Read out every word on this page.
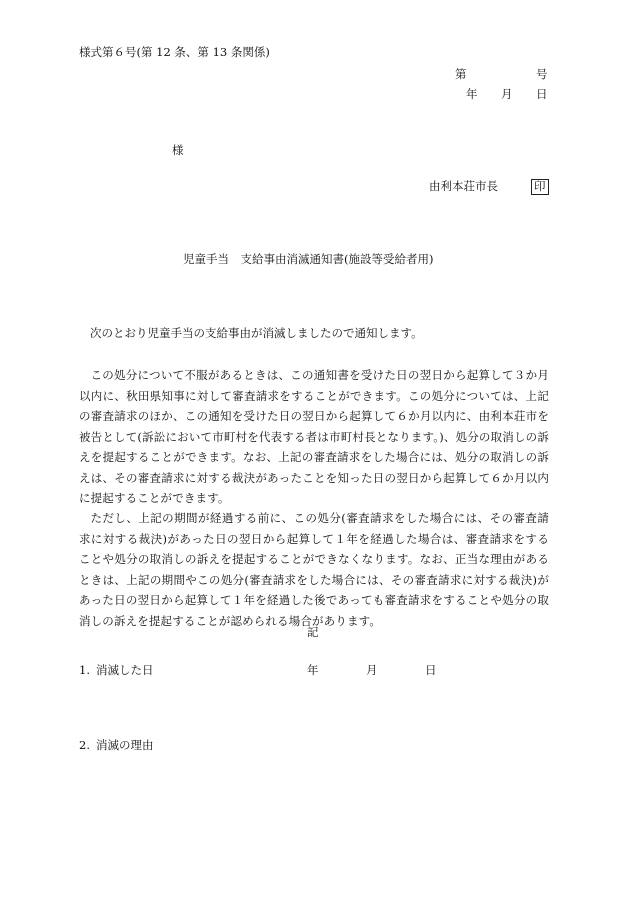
様式第６号(第 12 条、第 13 条関係)
第	号
年 月 日
様
由利本荘市長	印
児童手当　支給事由消滅通知書(施設等受給者用)
次のとおり児童手当の支給事由が消滅しましたので通知します。
この処分について不服があるときは、この通知書を受けた日の翌日から起算して３か月以内に、秋田県知事に対して審査請求をすることができます。この処分については、上記の審査請求のほか、この通知を受けた日の翌日から起算して６か月以内に、由利本荘市を被告として(訴訟において市町村を代表する者は市町村長となります。)、処分の取消しの訴えを提起することができます。なお、上記の審査請求をした場合には、処分の取消しの訴えは、その審査請求に対する裁決があったことを知った日の翌日から起算して６か月以内に提起することができます。
ただし、上記の期間が経過する前に、この処分(審査請求をした場合には、その審査請求に対する裁決)があった日の翌日から起算して１年を経過した場合は、審査請求をすることや処分の取消しの訴えを提起することができなくなります。なお、正当な理由があるときは、上記の期間やこの処分(審査請求をした場合には、その審査請求に対する裁決)があった日の翌日から起算して１年を経過した後であっても審査請求をすることや処分の取消しの訴えを提起することが認められる場合があります。
記
1. 消滅した日	年	月	日
2. 消滅の理由
